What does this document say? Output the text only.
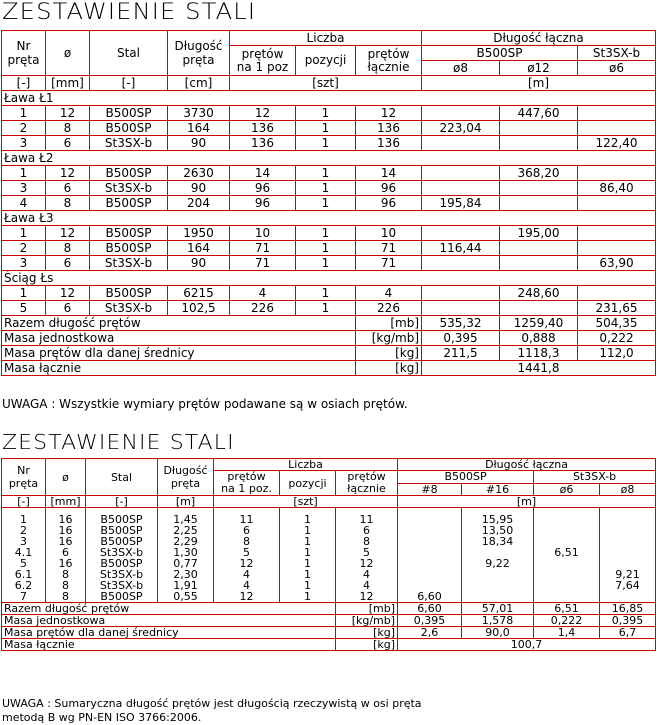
ZESTAWIENIE STALI
Nr
pręta	ø	Stal	Długość
pręta	Liczba			Długość łączna		
				prętów
na 1 poz	pozycji	prętów
łącznie	B500SP		St3SX-b
							ø8	ø12	ø6
[-]	[mm]	[-]	[cm]	[szt]			[m]		
Ława Ł1									
1	12	B500SP	3730	12	1	12		447,60	
2	8	B500SP	164	136	1	136	223,04		
3	6	St3SX-b	90	136	1	136			122,40
Ława Ł2									
1	12	B500SP	2630	14	1	14		368,20	
3	6	St3SX-b	90	96	1	96			86,40
4	8	B500SP	204	96	1	96	195,84		
Ława Ł3									
1	12	B500SP	1950	10	1	10		195,00	
2	8	B500SP	164	71	1	71	116,44		
3	6	St3SX-b	90	71	1	71			63,90
Ściąg Łs									
1	12	B500SP	6215	4	1	4		248,60	
5	6	St3SX-b	102,5	226	1	226			231,65
Razem długość prętów						[mb]	535,32	1259,40	504,35
Masa jednostkowa						[kg/mb]	0,395	0,888	0,222
Masa prętów dla danej średnicy						[kg]	211,5	1118,3	112,0
Masa łącznie						[kg]	1441,8		
UWAGA : Wszystkie wymiary prętów podawane są w osiach prętów.
ZESTAWIENIE STALI
Nr
pręta	ø	Stal	Długość
pręta	Liczba			Długość łączna			
				prętów
na 1 poz.	pozycji	prętów
łącznie	B500SP		St3SX-b	
							#8	#16	ø6	ø8
[-]	[mm]	[-]	[m]	[szt]			[m]			

1	16	B500SP	1,45	11	1	11		15,95		
2	16	B500SP	2,25	6	1	6		13,50		
3	16	B500SP	2,29	8	1	8		18,34		
4.1	6	St3SX-b	1,30	5	1	5			6,51	
5	16	B500SP	0,77	12	1	12		9,22		
6.1	8	St3SX-b	2,30	4	1	4				9,21
6.2	8	St3SX-b	1,91	4	1	4				7,64
7	8	B500SP	0,55	12	1	12	6,60			
Razem długość prętów						[mb]	6,60	57,01	6,51	16,85
Masa jednostkowa						[kg/mb]	0,395	1,578	0,222	0,395
Masa prętów dla danej średnicy						[kg]	2,6	90,0	1,4	6,7
Masa łącznie						[kg]	100,7			
UWAGA : Sumaryczna długość prętów jest długością rzeczywistą w osi pręta
metodą B wg PN-EN ISO 3766:2006.
